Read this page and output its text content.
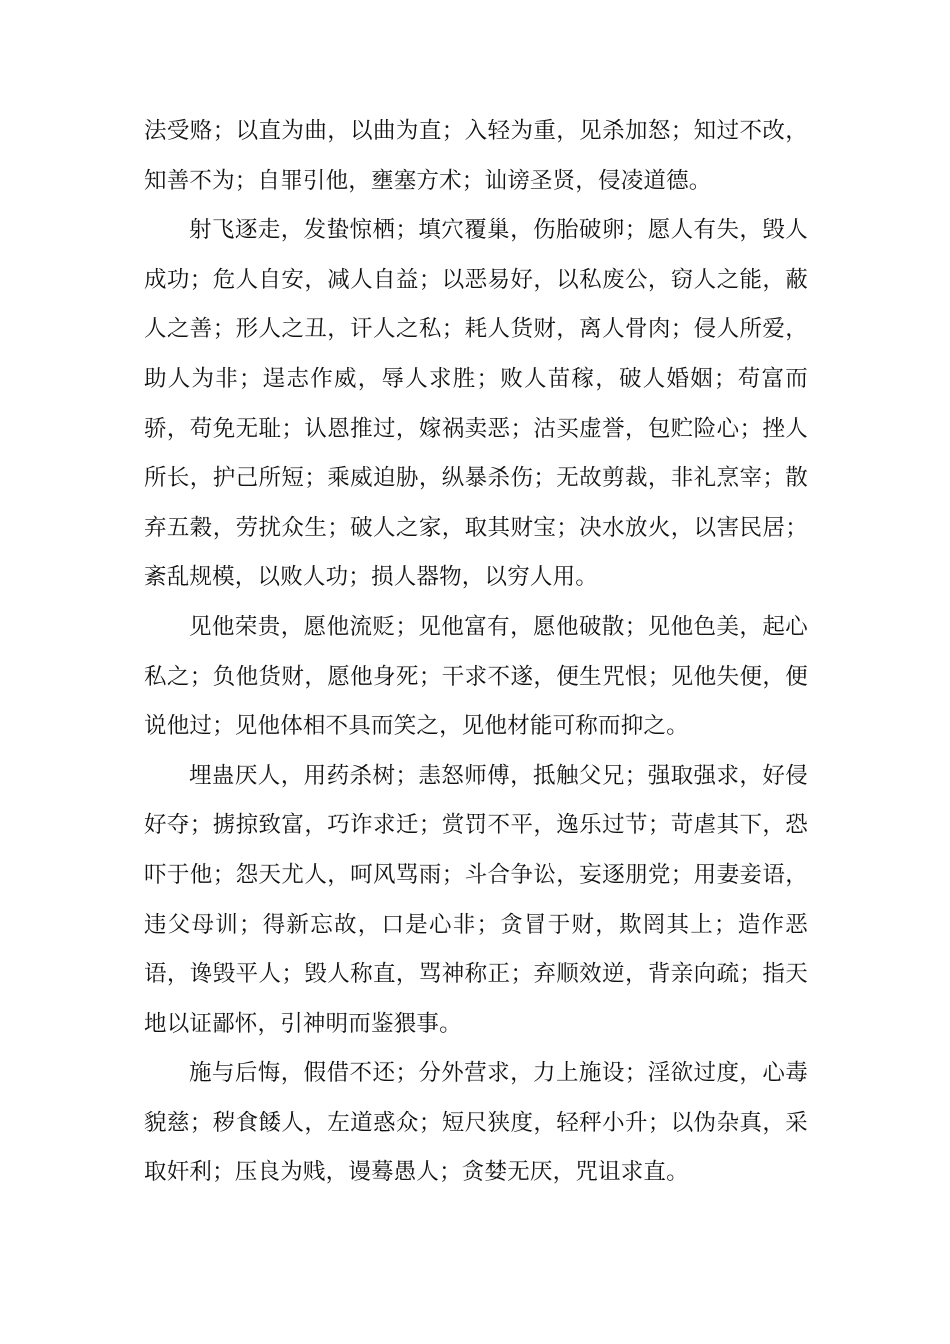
法受赂；以直为曲，以曲为直；入轻为重，见杀加怒；知过不改，知善不为；自罪引他，壅塞方术；讪谤圣贤，侵凌道德。

射飞逐走，发蛰惊栖；填穴覆巢，伤胎破卵；愿人有失，毁人成功；危人自安，减人自益；以恶易好，以私废公，窃人之能，蔽人之善；形人之丑，讦人之私；耗人货财，离人骨肉；侵人所爱，助人为非；逞志作威，辱人求胜；败人苗稼，破人婚姻；苟富而骄，苟免无耻；认恩推过，嫁祸卖恶；沽买虚誉，包贮险心；挫人所长，护己所短；乘威迫胁，纵暴杀伤；无故剪裁，非礼烹宰；散弃五穀，劳扰众生；破人之家，取其财宝；决水放火，以害民居；紊乱规模，以败人功；损人器物，以穷人用。

见他荣贵，愿他流贬；见他富有，愿他破散；见他色美，起心私之；负他货财，愿他身死；干求不遂，便生咒恨；见他失便，便说他过；见他体相不具而笑之，见他材能可称而抑之。

埋蛊厌人，用药杀树；恚怒师傅，抵触父兄；强取强求，好侵好夺；掳掠致富，巧诈求迁；赏罚不平，逸乐过节；苛虐其下，恐吓于他；怨天尤人，呵风骂雨；斗合争讼，妄逐朋党；用妻妾语，违父母训；得新忘故，口是心非；贪冒于财，欺罔其上；造作恶语，谗毁平人；毁人称直，骂神称正；弃顺效逆，背亲向疏；指天地以证鄙怀，引神明而鉴猥事。

施与后悔，假借不还；分外营求，力上施设；淫欲过度，心毒貌慈；秽食餧人，左道惑众；短尺狭度，轻秤小升；以伪杂真，采取奸利；压良为贱，谩蓦愚人；贪婪无厌，咒诅求直。
